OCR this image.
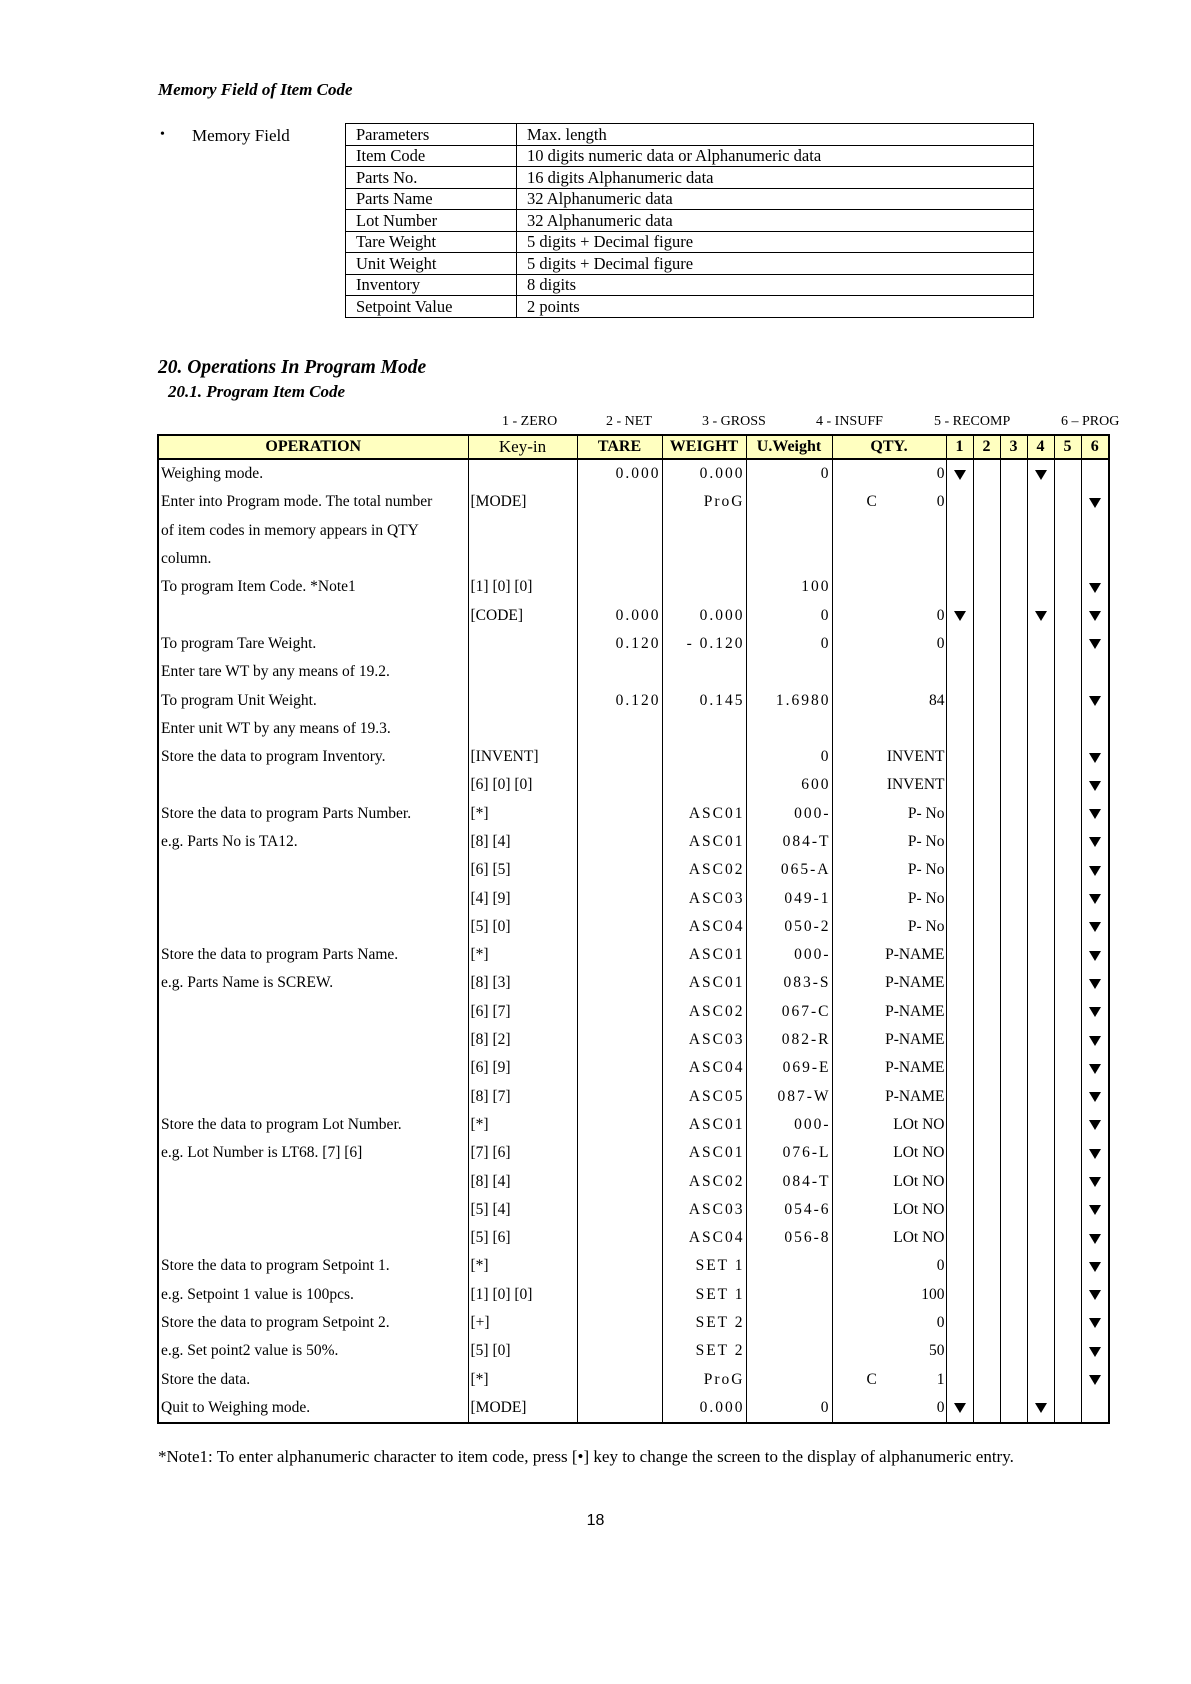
Memory Field of Item Code
• Memory Field	Parameters	Max. length
Item Code	10 digits numeric data or Alphanumeric data
Parts No.	16 digits Alphanumeric data
Parts Name	32 Alphanumeric data
Lot Number	32 Alphanumeric data
Tare Weight	5 digits + Decimal figure
Unit Weight	5 digits + Decimal figure
Inventory	8 digits
Setpoint Value	2 points
20. Operations In Program Mode
20.1. Program Item Code
1 - ZERO	2 - NET	3 - GROSS	4 - INSUFF	5 - RECOMP	6 – PROG
OPERATION	Key-in	TARE	WEIGHT	U.Weight	QTY.	1	2	3	4	5	6
Weighing mode.		0.000	0.000	0	0						
Enter into Program mode. The total number	[MODE]		ProG		C 0						
of item codes in memory appears in QTY					

column.					

To program Item Code. *Note1	[1] [0] [0]			100	

	[CODE]	0.000	0.000	0	0						
To program Tare Weight.		0.120	- 0.120	0	0						
Enter tare WT by any means of 19.2.					

To program Unit Weight.		0.120	0.145	1.6980	84						
Enter unit WT by any means of 19.3.					

Store the data to program Inventory.	[INVENT]			0	INVENT						
	[6] [0] [0]			600	INVENT						
Store the data to program Parts Number.	[*]		ASC01	000-	P- No						
e.g. Parts No is TA12.	[8] [4]		ASC01	084-T	P- No						
	[6] [5]		ASC02	065-A	P- No						
	[4] [9]		ASC03	049-1	P- No						
	[5] [0]		ASC04	050-2	P- No						
Store the data to program Parts Name.	[*]		ASC01	000-	P-NAME						
e.g. Parts Name is SCREW.	[8] [3]		ASC01	083-S	P-NAME						
	[6] [7]		ASC02	067-C	P-NAME						
	[8] [2]		ASC03	082-R	P-NAME						
	[6] [9]		ASC04	069-E	P-NAME						
	[8] [7]		ASC05	087-W	P-NAME						
Store the data to program Lot Number.	[*]		ASC01	000-	LOt NO						
e.g. Lot Number is LT68. [7] [6]	[7] [6]		ASC01	076-L	LOt NO						
	[8] [4]		ASC02	084-T	LOt NO						
	[5] [4]		ASC03	054-6	LOt NO						
	[5] [6]		ASC04	056-8	LOt NO						
Store the data to program Setpoint 1.	[*]		SET 1		0						
e.g. Setpoint 1 value is 100pcs.	[1] [0] [0]		SET 1		100						
Store the data to program Setpoint 2.	[+]		SET 2		0						
e.g. Set point2 value is 50%.	[5] [0]		SET 2		50						
Store the data.	[*]		ProG		C 1						
Quit to Weighing mode.	[MODE]		0.000	0	0						
*Note1: To enter alphanumeric character to item code, press [•] key to change the screen to the display of alphanumeric entry.
18
